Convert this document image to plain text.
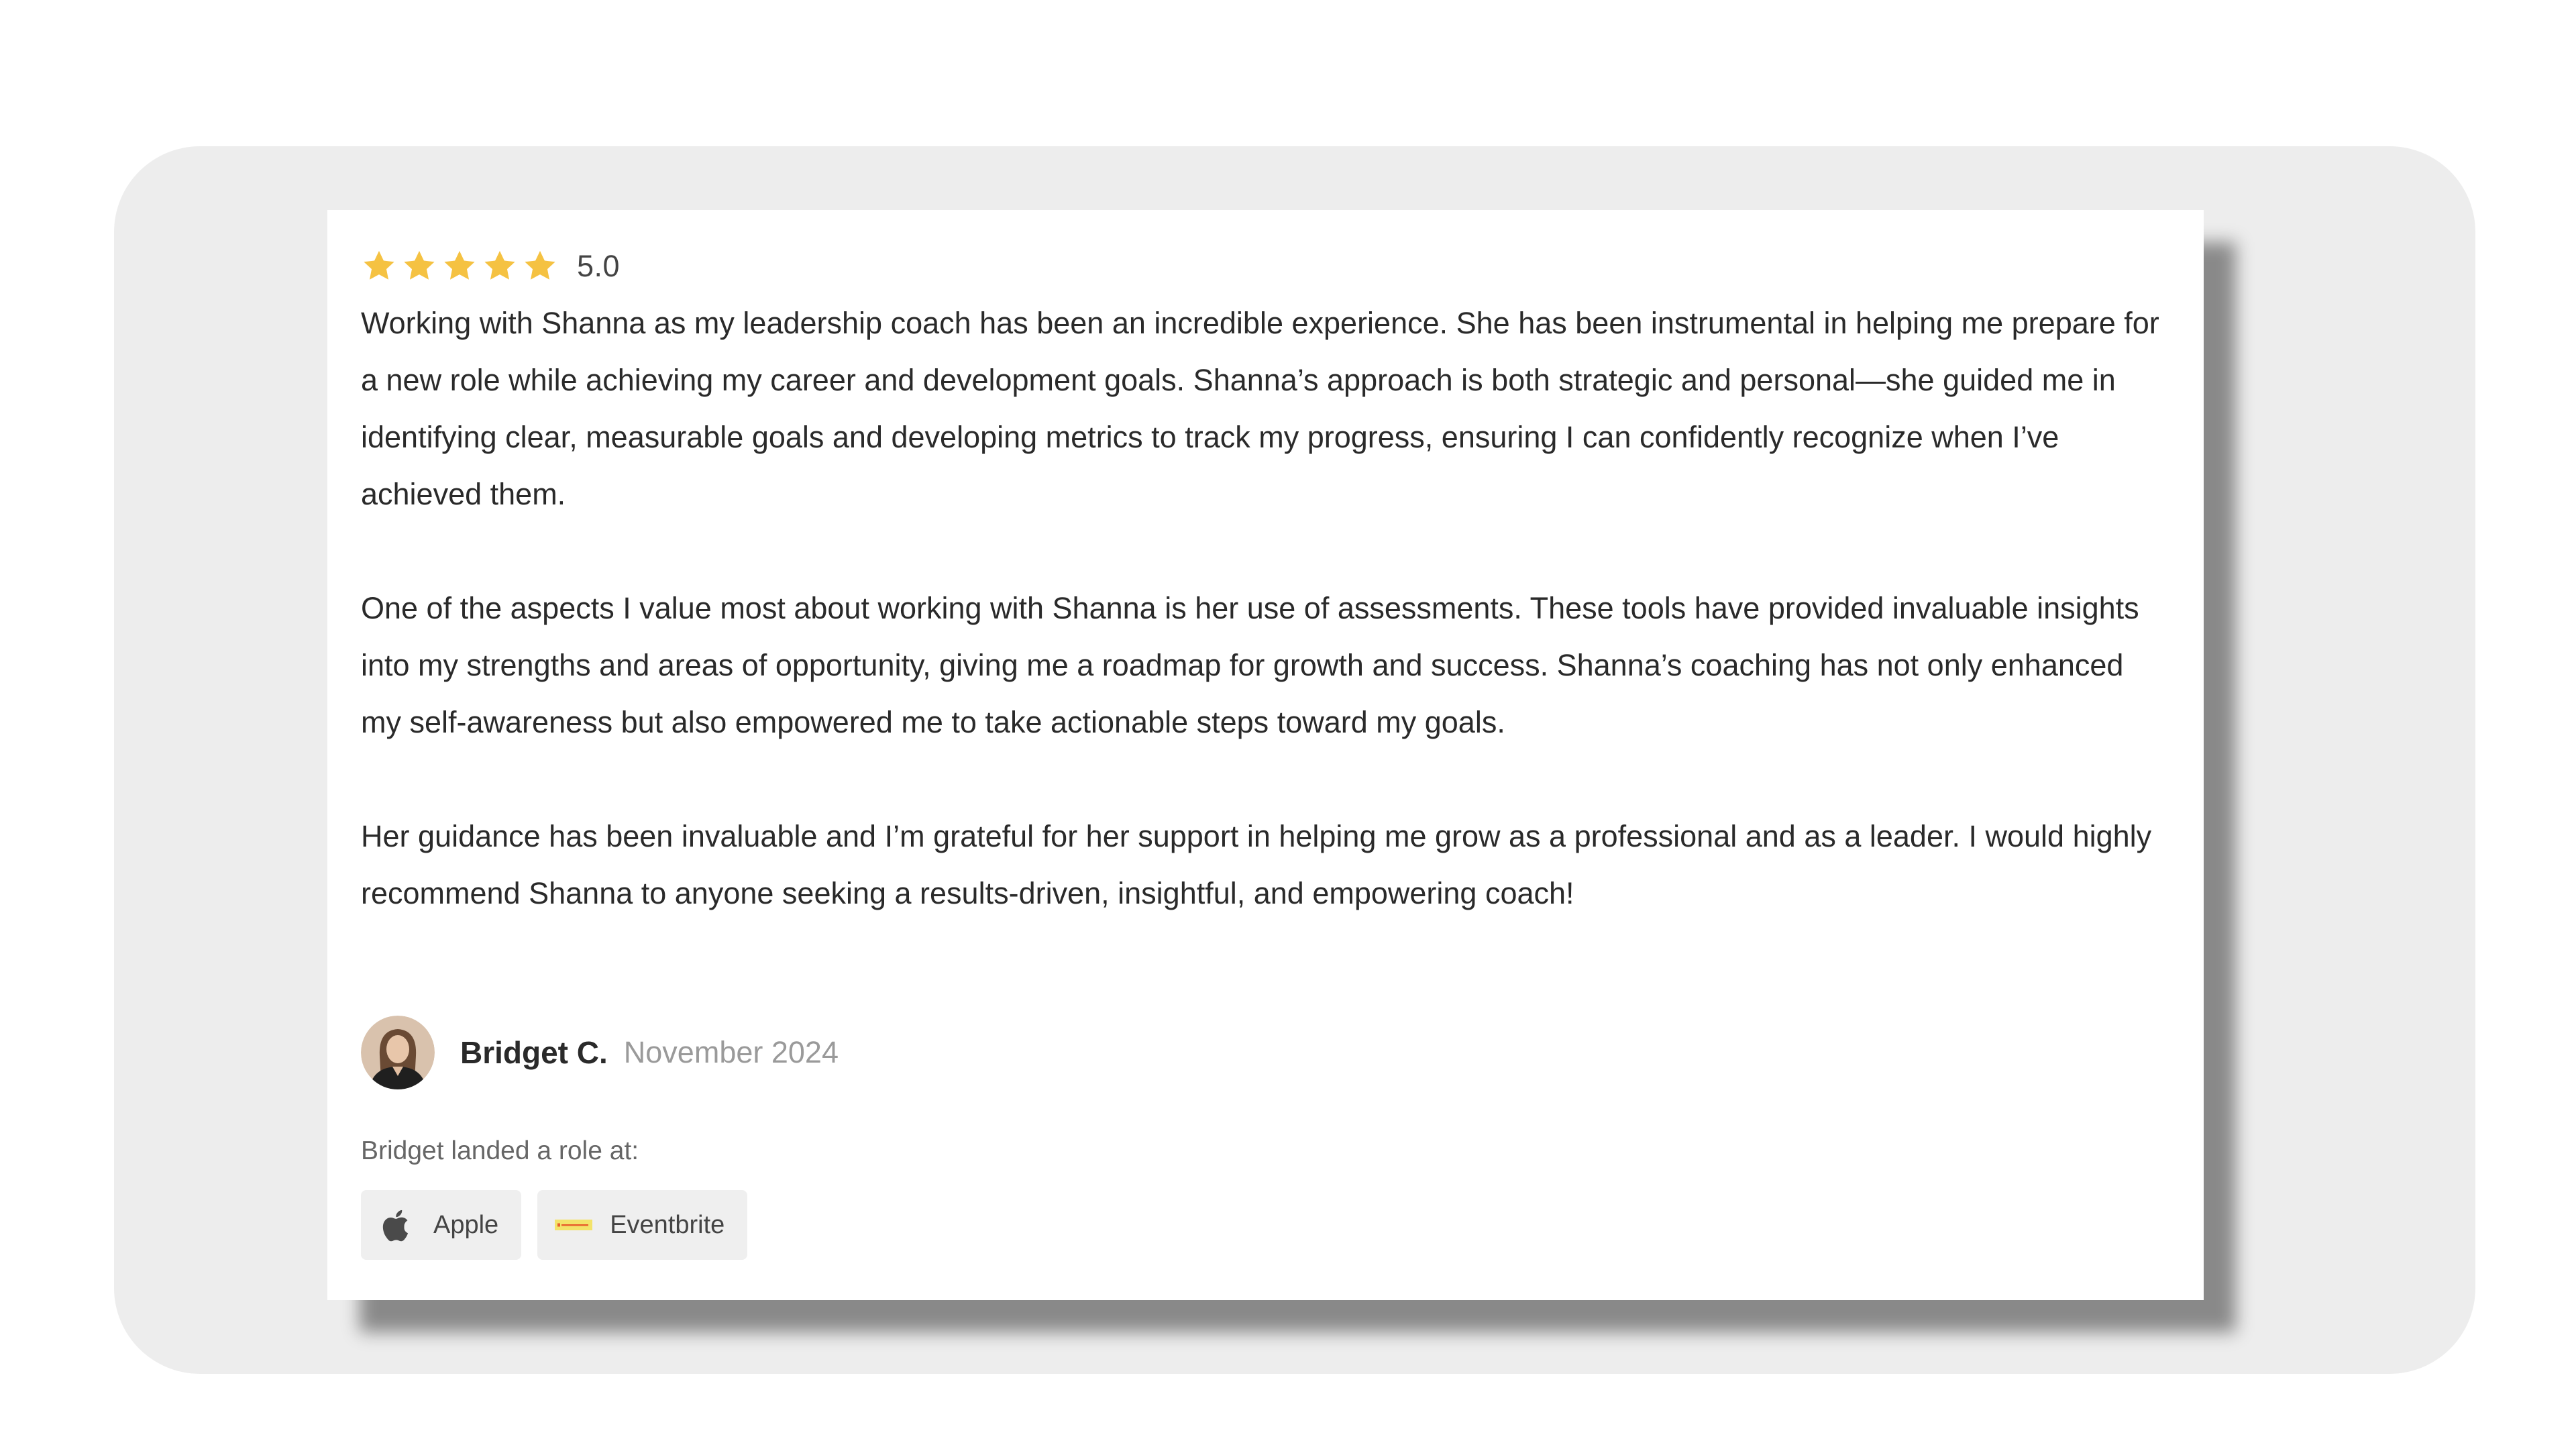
5.0

Working with Shanna as my leadership coach has been an incredible experience. She has been instrumental in helping me prepare for a new role while achieving my career and development goals. Shanna’s approach is both strategic and personal—she guided me in identifying clear, measurable goals and developing metrics to track my progress, ensuring I can confidently recognize when I’ve achieved them.

One of the aspects I value most about working with Shanna is her use of assessments. These tools have provided invaluable insights into my strengths and areas of opportunity, giving me a roadmap for growth and success. Shanna’s coaching has not only enhanced my self-awareness but also empowered me to take actionable steps toward my goals.

Her guidance has been invaluable and I’m grateful for her support in helping me grow as a professional and as a leader. I would highly recommend Shanna to anyone seeking a results-driven, insightful, and empowering coach!

Bridget C. November 2024
Bridget landed a role at:
Apple	Eventbrite
